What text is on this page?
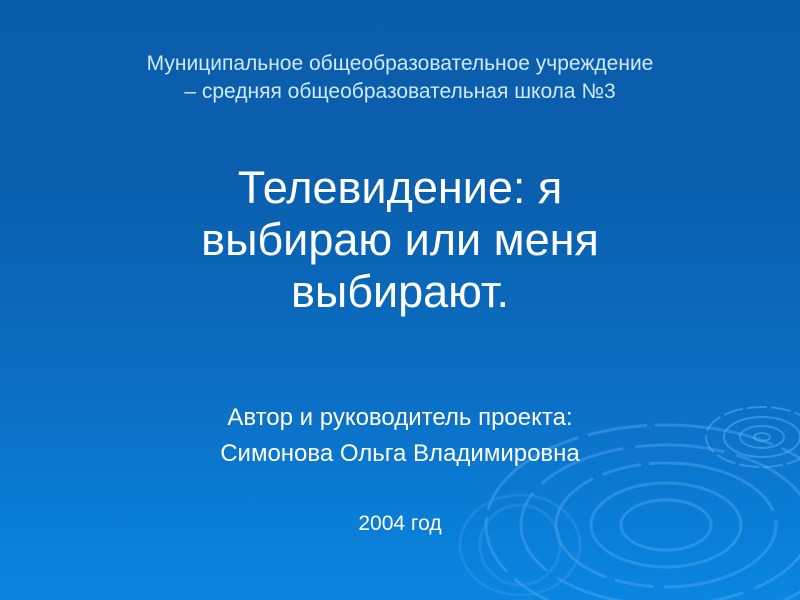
Муниципальное общеобразовательное учреждение
– средняя общеобразовательная школа №3
Телевидение: я
выбираю или меня
выбирают.
Автор и руководитель проекта:
Симонова Ольга Владимировна
2004 год
